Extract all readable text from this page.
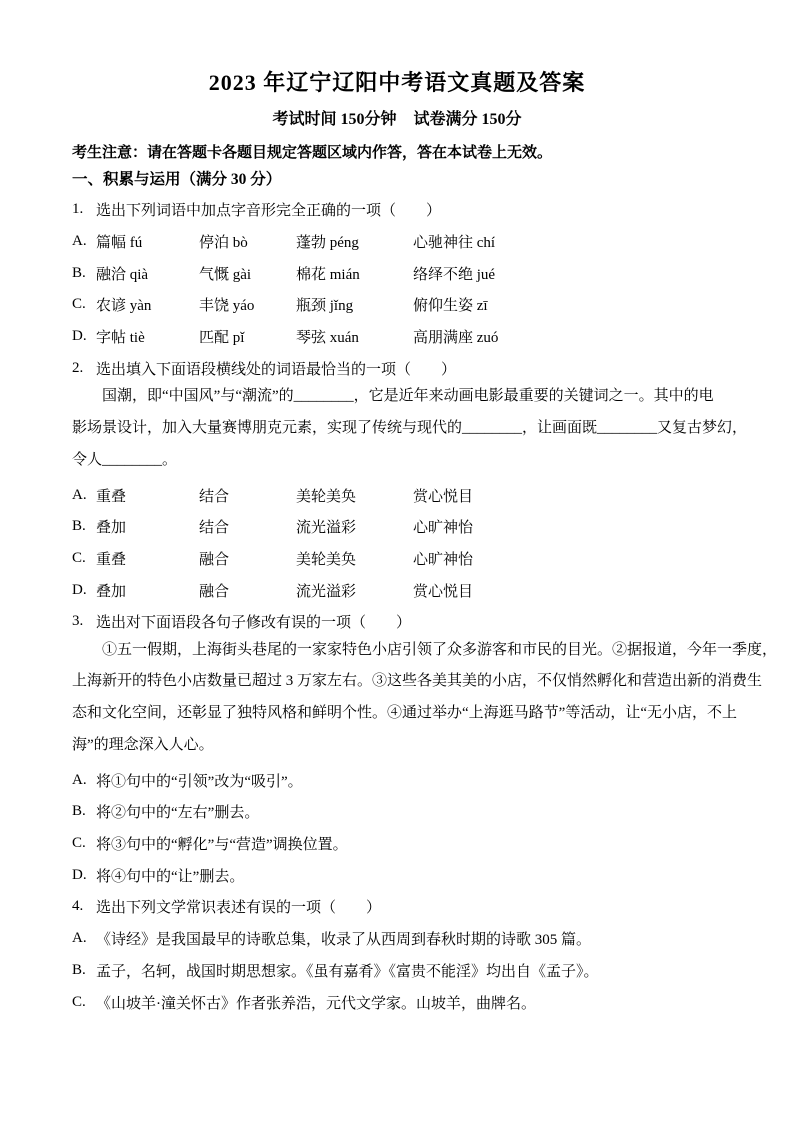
2023 年辽宁辽阳中考语文真题及答案
考试时间 150分钟 试卷满分 150分
考生注意：请在答题卡各题目规定答题区域内作答，答在本试卷上无效。
一、积累与运用（满分 30 分）
1. 选出下列词语中加点字音形完全正确的一项（　　）
A. 篇幅 fú	停泊 bò	蓬勃 péng	心驰神往 chí
B. 融洽 qià	气慨 gài	棉花 mián	络绎不绝 jué
C. 农谚 yàn	丰饶 yáo	瓶颈 jǐng	俯仰生姿 zī
D. 字帖 tiè	匹配 pǐ	琴弦 xuán	高朋满座 zuó
2. 选出填入下面语段横线处的词语最恰当的一项（　　）
　　国潮，即“中国风”与“潮流”的________，它是近年来动画电影最重要的关键词之一。其中的电
影场景设计，加入大量赛博朋克元素，实现了传统与现代的________，让画面既________又复古梦幻，
令人________。
A. 重叠	结合	美轮美奂	赏心悦目
B. 叠加	结合	流光溢彩	心旷神怡
C. 重叠	融合	美轮美奂	心旷神怡
D. 叠加	融合	流光溢彩	赏心悦目
3. 选出对下面语段各句子修改有误的一项（　　）
　　①五一假期，上海街头巷尾的一家家特色小店引领了众多游客和市民的目光。②据报道，今年一季度，
上海新开的特色小店数量已超过 3 万家左右。③这些各美其美的小店，不仅悄然孵化和营造出新的消费生
态和文化空间，还彰显了独特风格和鲜明个性。④通过举办“上海逛马路节”等活动，让“无小店，不上
海”的理念深入人心。
A. 将①句中的“引领”改为“吸引”。
B. 将②句中的“左右”删去。
C. 将③句中的“孵化”与“营造”调换位置。
D. 将④句中的“让”删去。
4. 选出下列文学常识表述有误的一项（　　）
A. 《诗经》是我国最早的诗歌总集，收录了从西周到春秋时期的诗歌 305 篇。
B. 孟子，名轲，战国时期思想家。《虽有嘉肴》《富贵不能淫》均出自《孟子》。
C. 《山坡羊·潼关怀古》作者张养浩，元代文学家。山坡羊，曲牌名。
